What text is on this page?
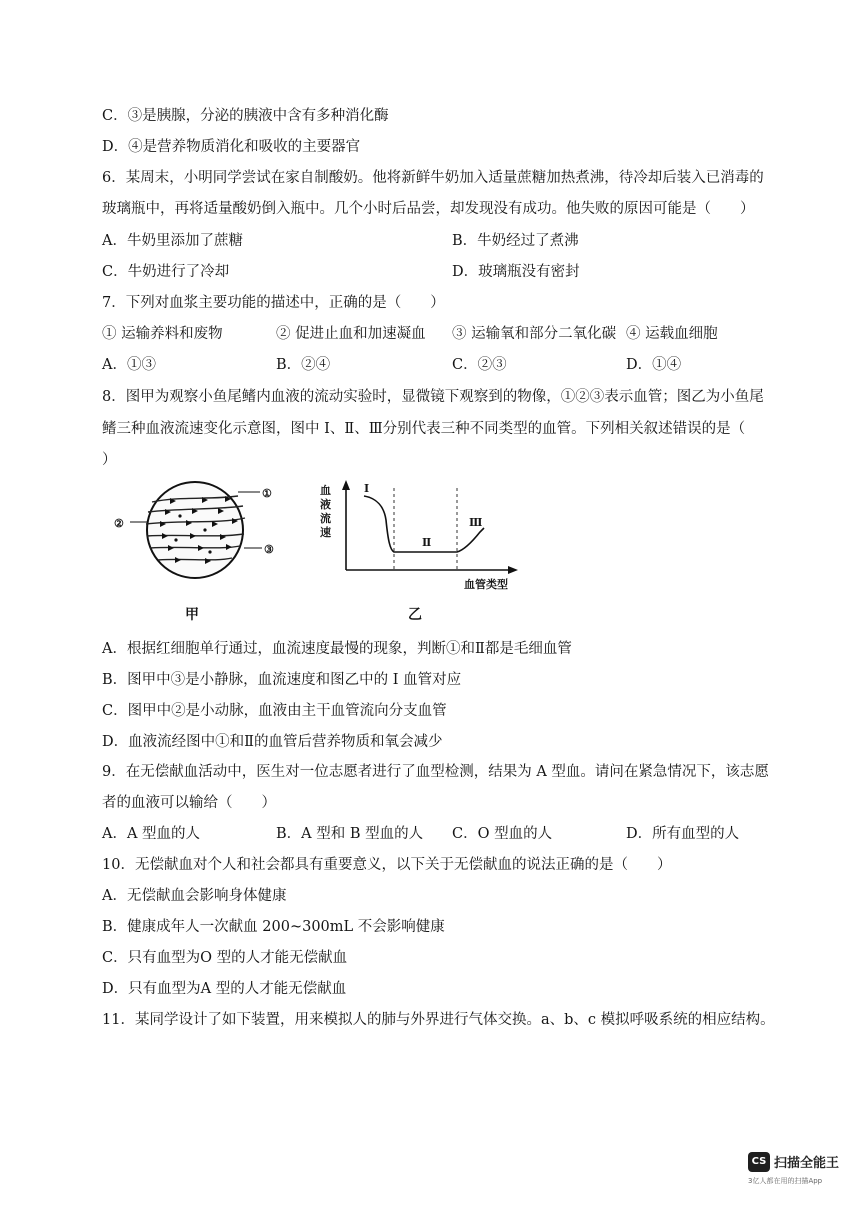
C．③是胰腺，分泌的胰液中含有多种消化酶
D．④是营养物质消化和吸收的主要器官
6．某周末，小明同学尝试在家自制酸奶。他将新鲜牛奶加入适量蔗糖加热煮沸，待冷却后装入已消毒的
玻璃瓶中，再将适量酸奶倒入瓶中。几个小时后品尝，却发现没有成功。他失败的原因可能是（　　）
A．牛奶里添加了蔗糖	B．牛奶经过了煮沸
C．牛奶进行了冷却	D．玻璃瓶没有密封
7．下列对血浆主要功能的描述中，正确的是（　　）
① 运输养料和废物	② 促进止血和加速凝血 ③ 运输氧和部分二氧化碳 ④ 运载血细胞
A．①③	B．②④	C．②③	D．①④
8．图甲为观察小鱼尾鳍内血液的流动实验时，显微镜下观察到的物像，①②③表示血管；图乙为小鱼尾
鳍三种血液流速变化示意图，图中 Ⅰ、Ⅱ、Ⅲ分别代表三种不同类型的血管。下列相关叙述错误的是（
）
①
②
③
甲
血
液
流
速
Ⅰ
Ⅱ
Ⅲ
血管类型
乙
A．根据红细胞单行通过，血流速度最慢的现象，判断①和Ⅱ都是毛细血管
B．图甲中③是小静脉，血流速度和图乙中的 Ⅰ 血管对应
C．图甲中②是小动脉，血液由主干血管流向分支血管
D．血液流经图中①和Ⅱ的血管后营养物质和氧会减少
9．在无偿献血活动中，医生对一位志愿者进行了血型检测，结果为 A 型血。请问在紧急情况下，该志愿
者的血液可以输给（　　）
A．A 型血的人	B．A 型和 B 型血的人 C．O 型血的人	D．所有血型的人
10．无偿献血对个人和社会都具有重要意义，以下关于无偿献血的说法正确的是（　　）
A．无偿献血会影响身体健康
B．健康成年人一次献血 200~300mL 不会影响健康
C．只有血型为O 型的人才能无偿献血
D．只有血型为A 型的人才能无偿献血
11．某同学设计了如下装置，用来模拟人的肺与外界进行气体交换。a、b、c 模拟呼吸系统的相应结构。
CS 扫描全能王
3亿人都在用的扫描App
